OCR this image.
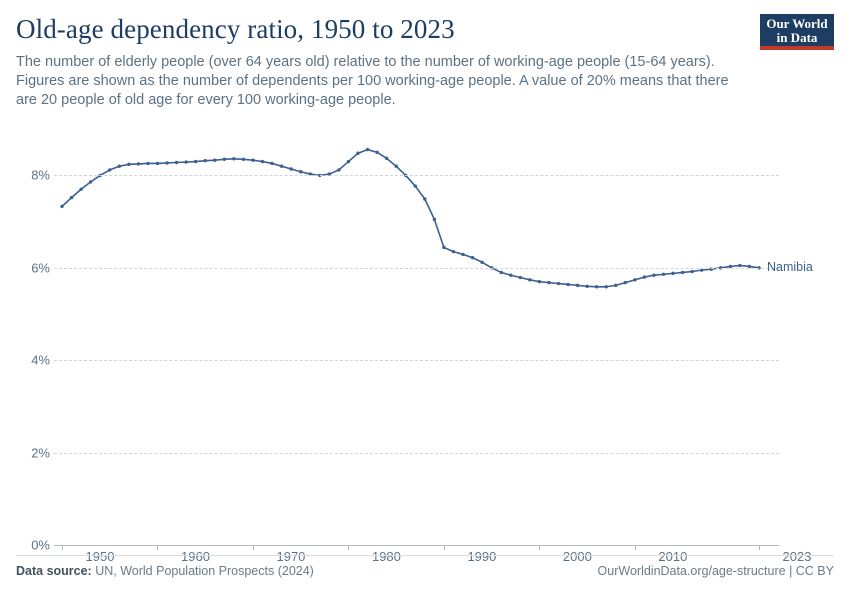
Old-age dependency ratio, 1950 to 2023

The number of elderly people (over 64 years old) relative to the number of working-age people (15-64 years). Figures are shown as the number of dependents per 100 working-age people. A value of 20% means that there are 20 people of old age for every 100 working-age people.

Our World
in Data
0%
2%
4%
6%
8%
1950	1960	1970	1980	1990	2000	2010	2023
Namibia
Data source: UN, World Population Prospects (2024)	OurWorldinData.org/age-structure | CC BY
